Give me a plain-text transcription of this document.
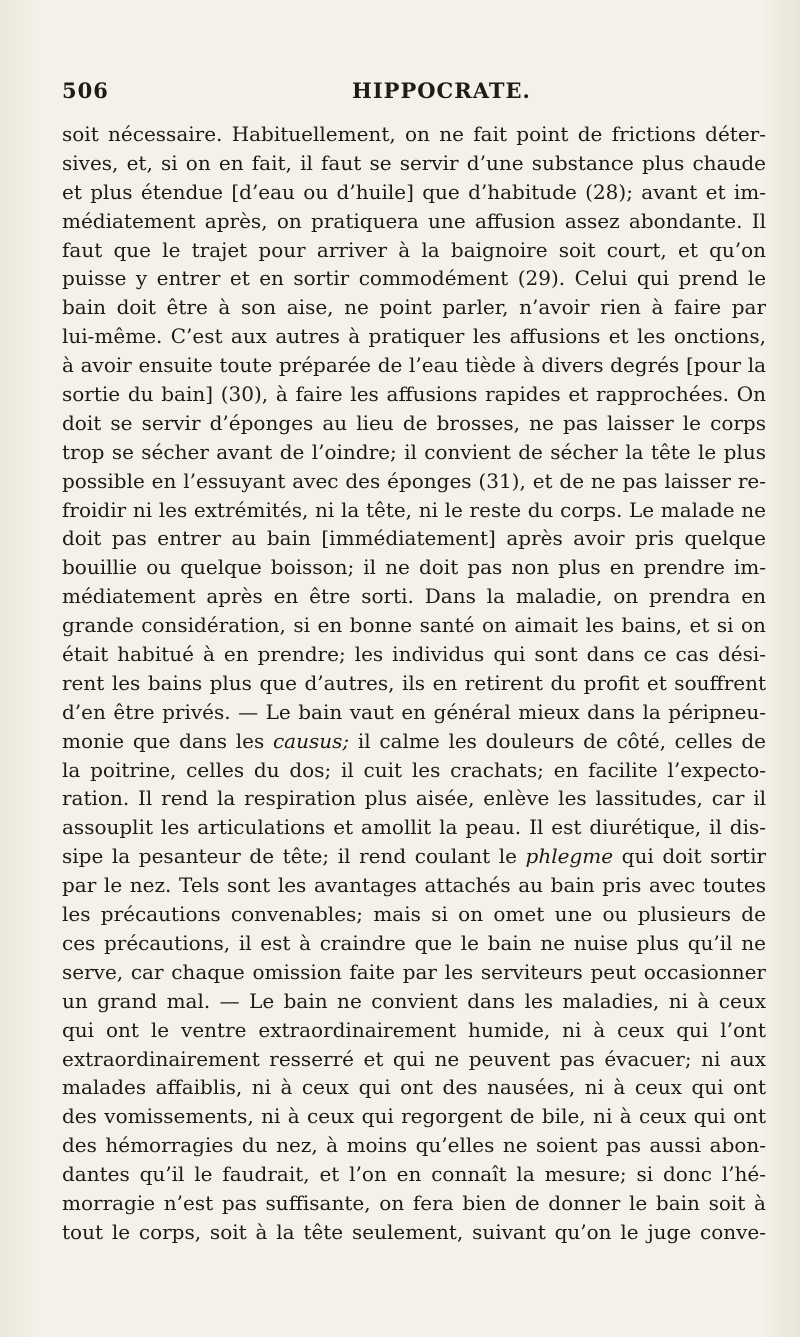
506	HIPPOCRATE.
soit nécessaire. Habituellement, on ne fait point de frictions déter-
sives, et, si on en fait, il faut se servir d’une substance plus chaude
et plus étendue [d’eau ou d’huile] que d’habitude (28); avant et im-
médiatement après, on pratiquera une affusion assez abondante. Il
faut que le trajet pour arriver à la baignoire soit court, et qu’on
puisse y entrer et en sortir commodément (29). Celui qui prend le
bain doit être à son aise, ne point parler, n’avoir rien à faire par
lui-même. C’est aux autres à pratiquer les affusions et les onctions,
à avoir ensuite toute préparée de l’eau tiède à divers degrés [pour la
sortie du bain] (30), à faire les affusions rapides et rapprochées. On
doit se servir d’éponges au lieu de brosses, ne pas laisser le corps
trop se sécher avant de l’oindre; il convient de sécher la tête le plus
possible en l’essuyant avec des éponges (31), et de ne pas laisser re-
froidir ni les extrémités, ni la tête, ni le reste du corps. Le malade ne
doit pas entrer au bain [immédiatement] après avoir pris quelque
bouillie ou quelque boisson; il ne doit pas non plus en prendre im-
médiatement après en être sorti. Dans la maladie, on prendra en
grande considération, si en bonne santé on aimait les bains, et si on
était habitué à en prendre; les individus qui sont dans ce cas dési-
rent les bains plus que d’autres, ils en retirent du profit et souffrent
d’en être privés. — Le bain vaut en général mieux dans la péripneu-
monie que dans les causus; il calme les douleurs de côté, celles de
la poitrine, celles du dos; il cuit les crachats; en facilite l’expecto-
ration. Il rend la respiration plus aisée, enlève les lassitudes, car il
assouplit les articulations et amollit la peau. Il est diurétique, il dis-
sipe la pesanteur de tête; il rend coulant le phlegme qui doit sortir
par le nez. Tels sont les avantages attachés au bain pris avec toutes
les précautions convenables; mais si on omet une ou plusieurs de
ces précautions, il est à craindre que le bain ne nuise plus qu’il ne
serve, car chaque omission faite par les serviteurs peut occasionner
un grand mal. — Le bain ne convient dans les maladies, ni à ceux
qui ont le ventre extraordinairement humide, ni à ceux qui l’ont
extraordinairement resserré et qui ne peuvent pas évacuer; ni aux
malades affaiblis, ni à ceux qui ont des nausées, ni à ceux qui ont
des vomissements, ni à ceux qui regorgent de bile, ni à ceux qui ont
des hémorragies du nez, à moins qu’elles ne soient pas aussi abon-
dantes qu’il le faudrait, et l’on en connaît la mesure; si donc l’hé-
morragie n’est pas suffisante, on fera bien de donner le bain soit à
tout le corps, soit à la tête seulement, suivant qu’on le juge conve-
